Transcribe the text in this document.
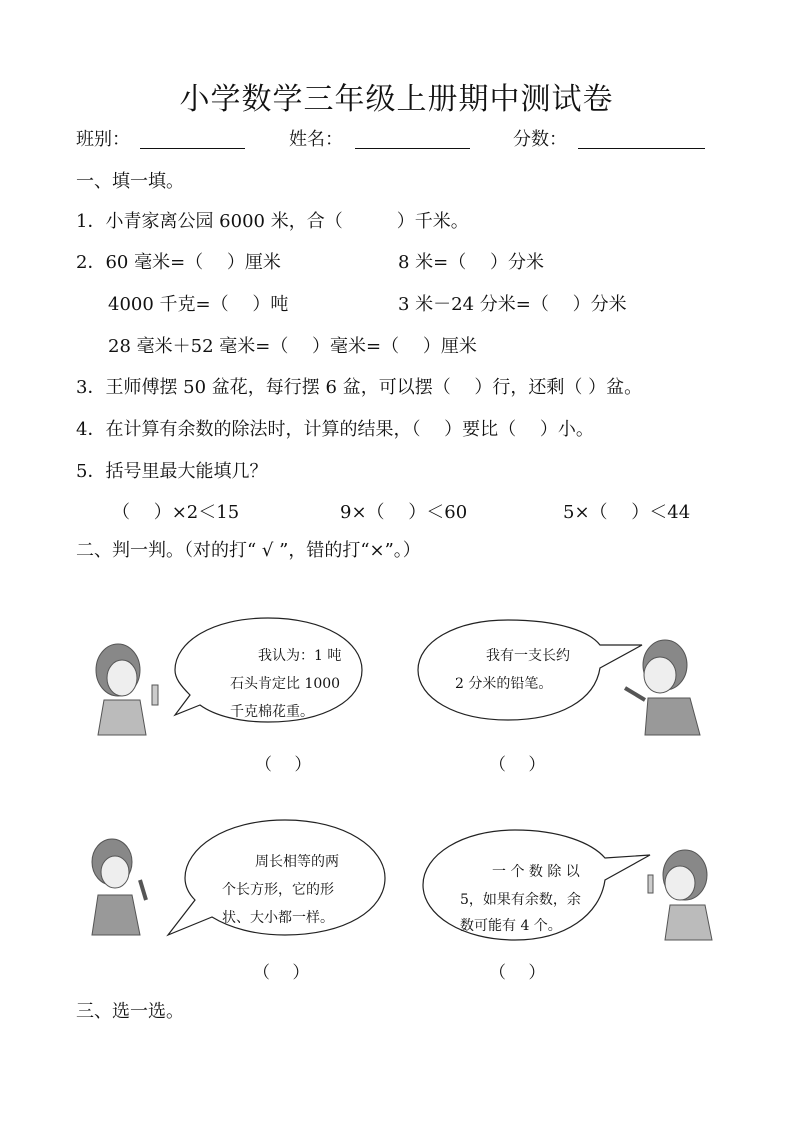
小学数学三年级上册期中测试卷
班别：	姓名：	分数：
一、填一填。
1．小青家离公园 6000 米，合（　　　）千米。
2．60 毫米=（　 ）厘米	8 米=（　 ）分米
4000 千克=（　 ）吨	3 米－24 分米=（　 ）分米
28 毫米＋52 毫米=（　 ）毫米=（　 ）厘米
3．王师傅摆 50 盆花，每行摆 6 盆，可以摆（　 ）行，还剩（ ）盆。
4．在计算有余数的除法时，计算的结果，（　 ）要比（　 ）小。
5．括号里最大能填几？
（　 ）×2＜15	9×（　 ）＜60	5×（　 ）＜44
二、判一判。（对的打“ √ ”，错的打“×”。）
我认为：1 吨
石头肯定比 1000
千克棉花重。
（　 ）
我有一支长约
2 分米的铅笔。
（　 ）
周长相等的两
个长方形，它的形
状、大小都一样。
（　 ）
一 个 数 除 以
5，如果有余数，余
数可能有 4 个。
（　 ）
三、选一选。
